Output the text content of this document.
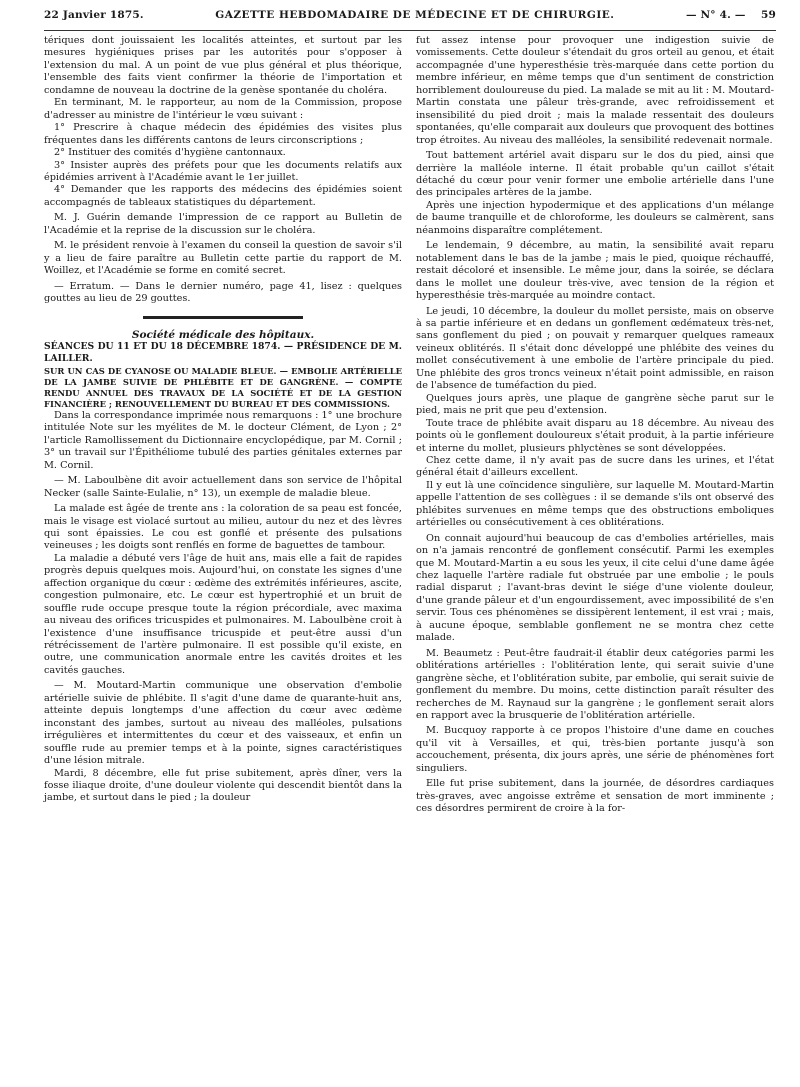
22 Janvier 1875.	GAZETTE HEBDOMADAIRE DE MÉDECINE ET DE CHIRURGIE.	— N° 4. — 59

tériques dont jouissaient les localités atteintes, et surtout par les mesures hygiéniques prises par les autorités pour s'opposer à l'extension du mal. A un point de vue plus général et plus théorique, l'ensemble des faits vient confirmer la théorie de l'importation et condamne de nouveau la doctrine de la genèse spontanée du choléra.

En terminant, M. le rapporteur, au nom de la Commission, propose d'adresser au ministre de l'intérieur le vœu suivant :

1° Prescrire à chaque médecin des épidémies des visites plus fréquentes dans les différents cantons de leurs circonscriptions ;

2° Instituer des comités d'hygiène cantonnaux.

3° Insister auprès des préfets pour que les documents relatifs aux épidémies arrivent à l'Académie avant le 1er juillet.

4° Demander que les rapports des médecins des épidémies soient accompagnés de tableaux statistiques du département.

M. J. Guérin demande l'impression de ce rapport au Bulletin de l'Académie et la reprise de la discussion sur le choléra.

M. le président renvoie à l'examen du conseil la question de savoir s'il y a lieu de faire paraître au Bulletin cette partie du rapport de M. Woillez, et l'Académie se forme en comité secret.

— Erratum. — Dans le dernier numéro, page 41, lisez : quelques gouttes au lieu de 29 gouttes.

Société médicale des hôpitaux.

SÉANCES DU 11 ET DU 18 DÉCEMBRE 1874. — PRÉSIDENCE DE M. LAILLER.

SUR UN CAS DE CYANOSE OU MALADIE BLEUE. — EMBOLIE ARTÉRIELLE DE LA JAMBE SUIVIE DE PHLÉBITE ET DE GANGRÈNE. — COMPTE RENDU ANNUEL DES TRAVAUX DE LA SOCIÉTÉ ET DE LA GESTION FINANCIÈRE ; RENOUVELLEMENT DU BUREAU ET DES COMMISSIONS.

Dans la correspondance imprimée nous remarquons : 1° une brochure intitulée Note sur les myélites de M. le docteur Clément, de Lyon ; 2° l'article Ramollissement du Dictionnaire encyclopédique, par M. Cornil ; 3° un travail sur l'Épithéliome tubulé des parties génitales externes par M. Cornil.

— M. Laboulbène dit avoir actuellement dans son service de l'hôpital Necker (salle Sainte-Eulalie, n° 13), un exemple de maladie bleue.

La malade est âgée de trente ans : la coloration de sa peau est foncée, mais le visage est violacé surtout au milieu, autour du nez et des lèvres qui sont épaissies. Le cou est gonflé et présente des pulsations veineuses ; les doigts sont renflés en forme de baguettes de tambour.

La maladie a débuté vers l'âge de huit ans, mais elle a fait de rapides progrès depuis quelques mois. Aujourd'hui, on constate les signes d'une affection organique du cœur : œdème des extrémités inférieures, ascite, congestion pulmonaire, etc. Le cœur est hypertrophié et un bruit de souffle rude occupe presque toute la région précordiale, avec maxima au niveau des orifices tricuspides et pulmonaires. M. Laboulbène croit à l'existence d'une insuffisance tricuspide et peut-être aussi d'un rétrécissement de l'artère pulmonaire. Il est possible qu'il existe, en outre, une communication anormale entre les cavités droites et les cavités gauches.

— M. Moutard-Martin communique une observation d'embolie artérielle suivie de phlébite. Il s'agit d'une dame de quarante-huit ans, atteinte depuis longtemps d'une affection du cœur avec œdème inconstant des jambes, surtout au niveau des malléoles, pulsations irrégulières et intermittentes du cœur et des vaisseaux, et enfin un souffle rude au premier temps et à la pointe, signes caractéristiques d'une lésion mitrale.

Mardi, 8 décembre, elle fut prise subitement, après dîner, vers la fosse iliaque droite, d'une douleur violente qui descendit bientôt dans la jambe, et surtout dans le pied ; la douleur

fut assez intense pour provoquer une indigestion suivie de vomissements. Cette douleur s'étendait du gros orteil au genou, et était accompagnée d'une hyperesthésie très-marquée dans cette portion du membre inférieur, en même temps que d'un sentiment de constriction horriblement douloureuse du pied. La malade se mit au lit : M. Moutard-Martin constata une pâleur très-grande, avec refroidissement et insensibilité du pied droit ; mais la malade ressentait des douleurs spontanées, qu'elle comparait aux douleurs que provoquent des bottines trop étroites. Au niveau des malléoles, la sensibilité redevenait normale.

Tout battement artériel avait disparu sur le dos du pied, ainsi que derrière la malléole interne. Il était probable qu'un caillot s'était détaché du cœur pour venir former une embolie artérielle dans l'une des principales artères de la jambe.

Après une injection hypodermique et des applications d'un mélange de baume tranquille et de chloroforme, les douleurs se calmèrent, sans néanmoins disparaître complétement.

Le lendemain, 9 décembre, au matin, la sensibilité avait reparu notablement dans le bas de la jambe ; mais le pied, quoique réchauffé, restait décoloré et insensible. Le même jour, dans la soirée, se déclara dans le mollet une douleur très-vive, avec tension de la région et hyperesthésie très-marquée au moindre contact.

Le jeudi, 10 décembre, la douleur du mollet persiste, mais on observe à sa partie inférieure et en dedans un gonflement œdémateux très-net, sans gonflement du pied ; on pouvait y remarquer quelques rameaux veineux oblitérés. Il s'était donc développé une phlébite des veines du mollet consécutivement à une embolie de l'artère principale du pied. Une phlébite des gros troncs veineux n'était point admissible, en raison de l'absence de tuméfaction du pied.

Quelques jours après, une plaque de gangrène sèche parut sur le pied, mais ne prit que peu d'extension.

Toute trace de phlébite avait disparu au 18 décembre. Au niveau des points où le gonflement douloureux s'était produit, à la partie inférieure et interne du mollet, plusieurs phlyctènes se sont développées.

Chez cette dame, il n'y avait pas de sucre dans les urines, et l'état général était d'ailleurs excellent.

Il y eut là une coïncidence singulière, sur laquelle M. Moutard-Martin appelle l'attention de ses collègues : il se demande s'ils ont observé des phlébites survenues en même temps que des obstructions emboliques artérielles ou consécutivement à ces oblitérations.

On connait aujourd'hui beaucoup de cas d'embolies artérielles, mais on n'a jamais rencontré de gonflement consécutif. Parmi les exemples que M. Moutard-Martin a eu sous les yeux, il cite celui d'une dame âgée chez laquelle l'artère radiale fut obstruée par une embolie ; le pouls radial disparut ; l'avant-bras devint le siége d'une violente douleur, d'une grande pâleur et d'un engourdissement, avec impossibilité de s'en servir. Tous ces phénomènes se dissipèrent lentement, il est vrai ; mais, à aucune époque, semblable gonflement ne se montra chez cette malade.

M. Beaumetz : Peut-être faudrait-il établir deux catégories parmi les oblitérations artérielles : l'oblitération lente, qui serait suivie d'une gangrène sèche, et l'oblitération subite, par embolie, qui serait suivie de gonflement du membre. Du moins, cette distinction paraît résulter des recherches de M. Raynaud sur la gangrène ; le gonflement serait alors en rapport avec la brusquerie de l'oblitération artérielle.

M. Bucquoy rapporte à ce propos l'histoire d'une dame en couches qu'il vit à Versailles, et qui, très-bien portante jusqu'à son accouchement, présenta, dix jours après, une série de phénomènes fort singuliers.

Elle fut prise subitement, dans la journée, de désordres cardiaques très-graves, avec angoisse extrême et sensation de mort imminente ; ces désordres permirent de croire à la for-
